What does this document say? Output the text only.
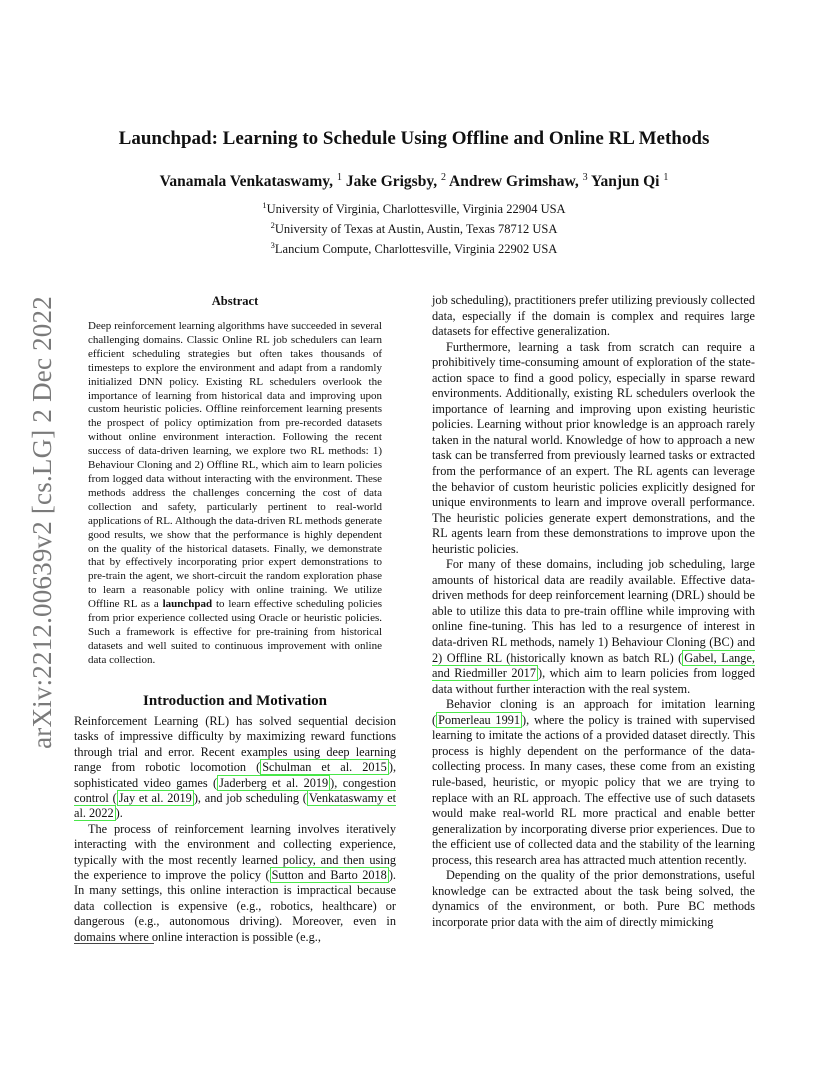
arXiv:2212.00639v2 [cs.LG] 2 Dec 2022
Launchpad: Learning to Schedule Using Offline and Online RL Methods
Vanamala Venkataswamy, $^1$ Jake Grigsby, $^2$ Andrew Grimshaw, $^3$ Yanjun Qi $^1$
$^1$University of Virginia, Charlottesville, Virginia 22904 USA
$^2$University of Texas at Austin, Austin, Texas 78712 USA
$^3$Lancium Compute, Charlottesville, Virginia 22902 USA
Abstract
Deep reinforcement learning algorithms have succeeded in several challenging domains. Classic Online RL job schedulers can learn efficient scheduling strategies but often takes thousands of timesteps to explore the environment and adapt from a randomly initialized DNN policy. Existing RL schedulers overlook the importance of learning from historical data and improving upon custom heuristic policies. Offline reinforcement learning presents the prospect of policy optimization from pre-recorded datasets without online environment interaction. Following the recent success of data-driven learning, we explore two RL methods: 1) Behaviour Cloning and 2) Offline RL, which aim to learn policies from logged data without interacting with the environment. These methods address the challenges concerning the cost of data collection and safety, particularly pertinent to real-world applications of RL. Although the data-driven RL methods generate good results, we show that the performance is highly dependent on the quality of the historical datasets. Finally, we demonstrate that by effectively incorporating prior expert demonstrations to pre-train the agent, we short-circuit the random exploration phase to learn a reasonable policy with online training. We utilize Offline RL as a launchpad to learn effective scheduling policies from prior experience collected using Oracle or heuristic policies. Such a framework is effective for pre-training from historical datasets and well suited to continuous improvement with online data collection.
Introduction and Motivation

Reinforcement Learning (RL) has solved sequential decision tasks of impressive difficulty by maximizing reward functions through trial and error. Recent examples using deep learning range from robotic locomotion ( Schulman et al. 2015 ), sophisticated video games ( Jaderberg et al. 2019 ), congestion control ( Jay et al. 2019 ), and job scheduling ( Venkataswamy et al. 2022 ).

The process of reinforcement learning involves iteratively interacting with the environment and collecting experience, typically with the most recently learned policy, and then using the experience to improve the policy ( Sutton and Barto 2018 ). In many settings, this online interaction is impractical because data collection is expensive (e.g., robotics, healthcare) or dangerous (e.g., autonomous driving). Moreover, even in domains where online interaction is possible (e.g.,

job scheduling), practitioners prefer utilizing previously collected data, especially if the domain is complex and requires large datasets for effective generalization.

Furthermore, learning a task from scratch can require a prohibitively time-consuming amount of exploration of the state-action space to find a good policy, especially in sparse reward environments. Additionally, existing RL schedulers overlook the importance of learning and improving upon existing heuristic policies. Learning without prior knowledge is an approach rarely taken in the natural world. Knowledge of how to approach a new task can be transferred from previously learned tasks or extracted from the performance of an expert. The RL agents can leverage the behavior of custom heuristic policies explicitly designed for unique environments to learn and improve overall performance. The heuristic policies generate expert demonstrations, and the RL agents learn from these demonstrations to improve upon the heuristic policies.

For many of these domains, including job scheduling, large amounts of historical data are readily available. Effective data-driven methods for deep reinforcement learning (DRL) should be able to utilize this data to pre-train offline while improving with online fine-tuning. This has led to a resurgence of interest in data-driven RL methods, namely 1) Behaviour Cloning (BC) and 2) Offline RL (historically known as batch RL) ( Gabel, Lange, and Riedmiller 2017 ), which aim to learn policies from logged data without further interaction with the real system.

Behavior cloning is an approach for imitation learning ( Pomerleau 1991 ), where the policy is trained with supervised learning to imitate the actions of a provided dataset directly. This process is highly dependent on the performance of the data-collecting process. In many cases, these come from an existing rule-based, heuristic, or myopic policy that we are trying to replace with an RL approach. The effective use of such datasets would make real-world RL more practical and enable better generalization by incorporating diverse prior experiences. Due to the efficient use of collected data and the stability of the learning process, this research area has attracted much attention recently.

Depending on the quality of the prior demonstrations, useful knowledge can be extracted about the task being solved, the dynamics of the environment, or both. Pure BC methods incorporate prior data with the aim of directly mimicking
